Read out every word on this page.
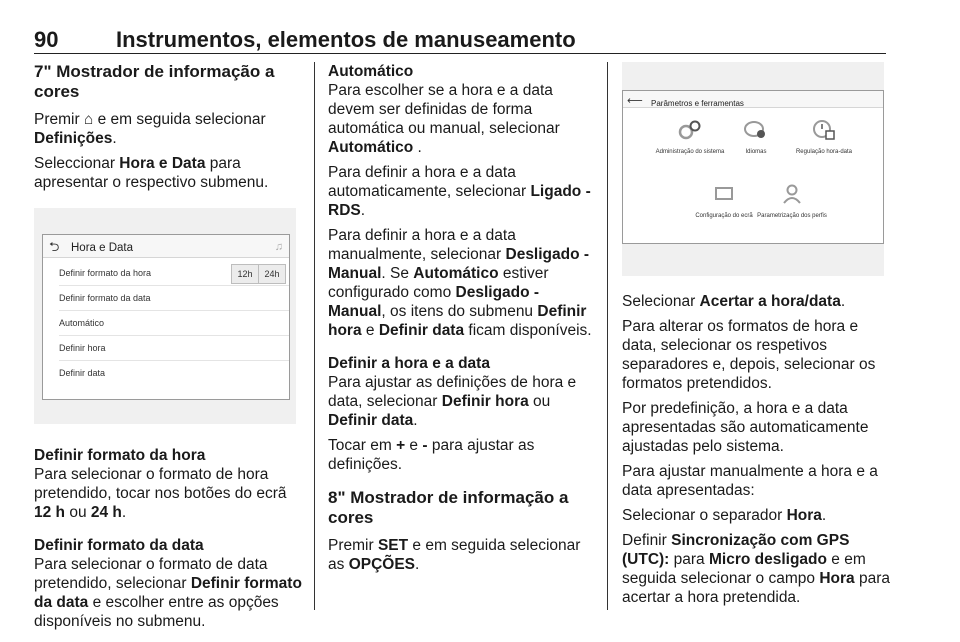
90	Instrumentos, elementos de manuseamento
7" Mostrador de informação a cores

Premir ⌂ e em seguida selecionar Definições.

Seleccionar Hora e Data para apresentar o respectivo submenu.

⮌ Hora e Data	♫
Definir formato da hora	12h	24h
Definir formato da data
Automático
Definir hora
Definir data
Definir formato da hora

Para selecionar o formato de hora pretendido, tocar nos botões do ecrã 12 h ou 24 h.

Definir formato da data

Para selecionar o formato de data pretendido, selecionar Definir formato da data e escolher entre as opções disponíveis no submenu.

Automático

Para escolher se a hora e a data devem ser definidas de forma automática ou manual, selecionar Automático .

Para definir a hora e a data automaticamente, selecionar Ligado - RDS.

Para definir a hora e a data manualmente, selecionar Desligado - Manual. Se Automático estiver configurado como Desligado - Manual, os itens do submenu Definir hora e Definir data ficam disponíveis.

Definir a hora e a data

Para ajustar as definições de hora e data, selecionar Definir hora ou Definir data.

Tocar em + e - para ajustar as definições.

8" Mostrador de informação a cores

Premir SET e em seguida selecionar as OPÇÕES.

⟵ Parâmetros e ferramentas
Administração do sistema	Idiomas	Regulação hora-data
Configuração do ecrã Parametrização dos perfis

Selecionar Acertar a hora/data.

Para alterar os formatos de hora e data, selecionar os respetivos separadores e, depois, selecionar os formatos pretendidos.

Por predefinição, a hora e a data apresentadas são automaticamente ajustadas pelo sistema.

Para ajustar manualmente a hora e a data apresentadas:

Selecionar o separador Hora.

Definir Sincronização com GPS (UTC): para Micro desligado e em seguida selecionar o campo Hora para acertar a hora pretendida.
